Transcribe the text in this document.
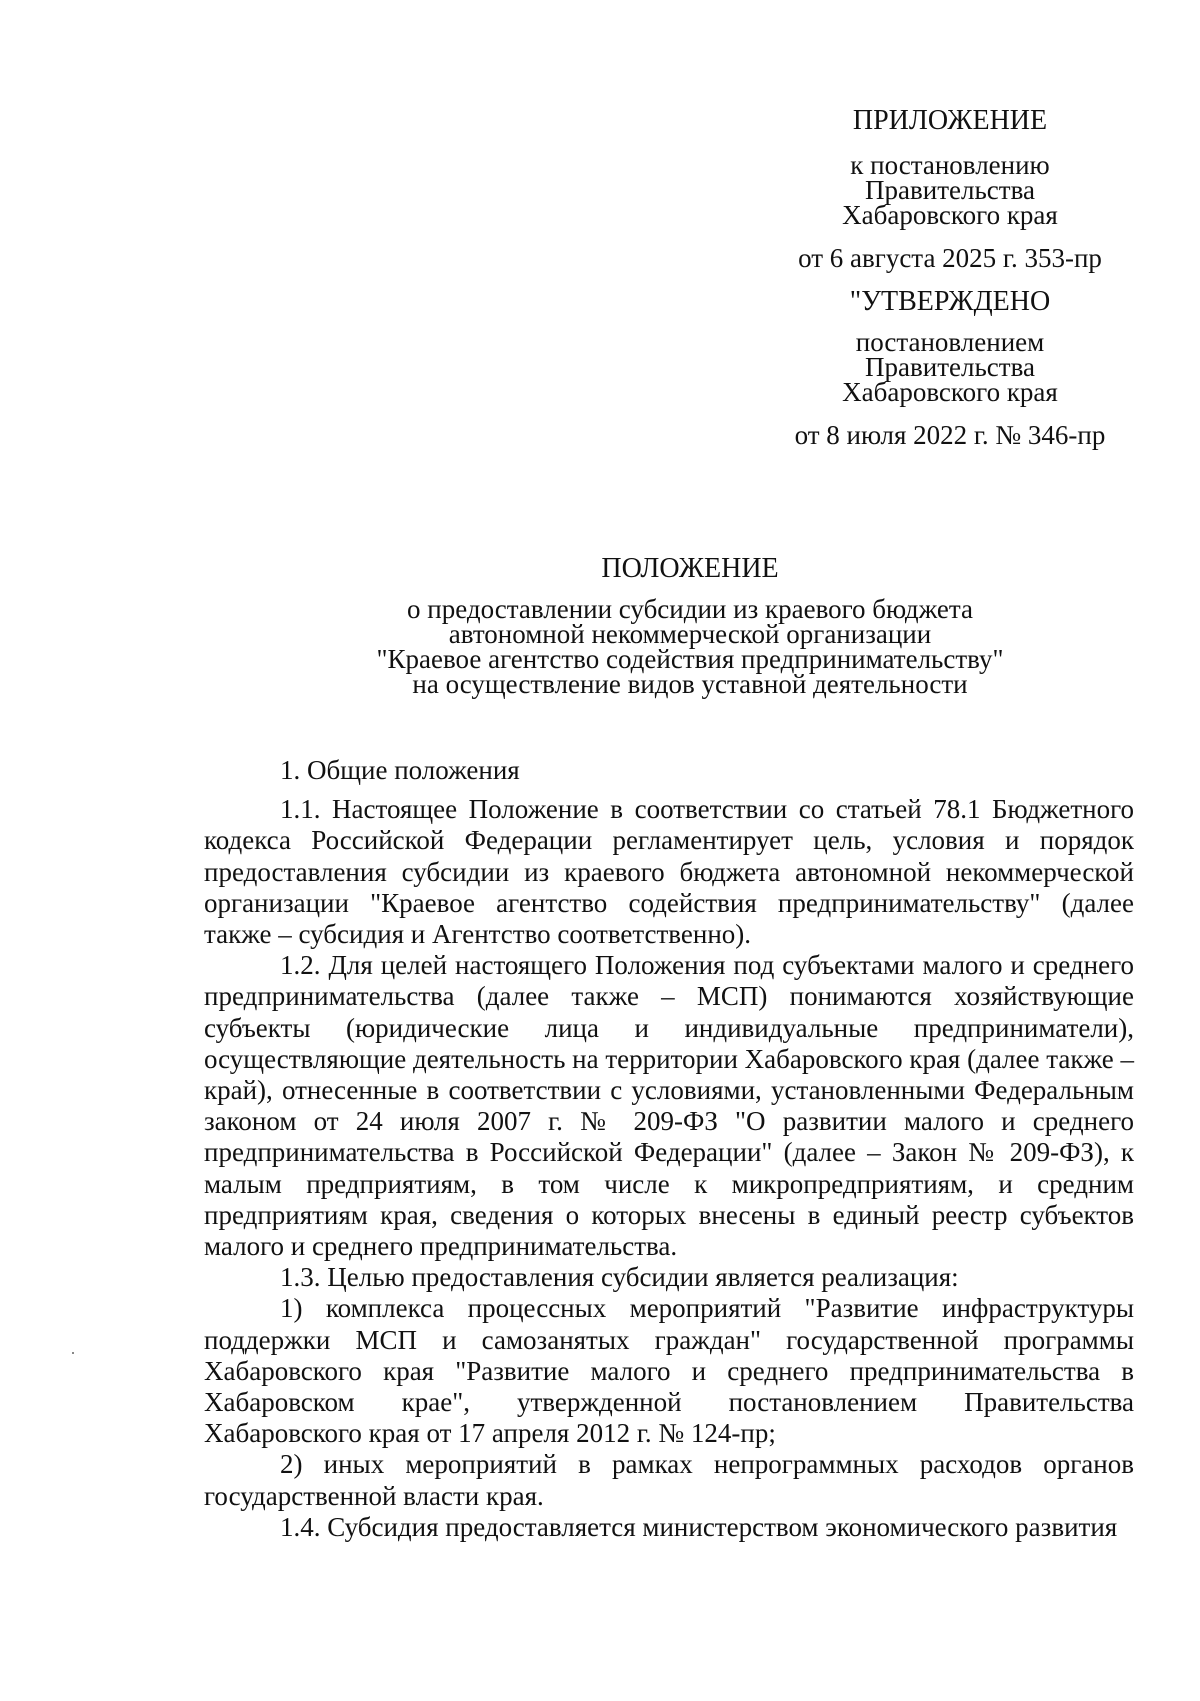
ПРИЛОЖЕНИЕ
к постановлению
Правительства
Хабаровского края
от 6 августа 2025 г. 353-пр
"УТВЕРЖДЕНО
постановлением
Правительства
Хабаровского края
от 8 июля 2022 г. № 346-пр
ПОЛОЖЕНИЕ
о предоставлении субсидии из краевого бюджета
автономной некоммерческой организации
"Краевое агентство содействия предпринимательству"
на осуществление видов уставной деятельности

1. Общие положения

1.1. Настоящее Положение в соответствии со статьей 78.1 Бюджетного кодекса Российской Федерации регламентирует цель, условия и порядок предоставления субсидии из краевого бюджета автономной некоммерческой организации "Краевое агентство содействия предпринимательству" (далее также – субсидия и Агентство соответственно).

1.2. Для целей настоящего Положения под субъектами малого и среднего предпринимательства (далее также – МСП) понимаются хозяйствующие субъекты (юридические лица и индивидуальные предприниматели), осуществляющие деятельность на территории Хабаровского края (далее также – край), отнесенные в соответствии с условиями, установленными Федеральным законом от 24 июля 2007 г. № 209-ФЗ "О развитии малого и среднего предпринимательства в Российской Федерации" (далее – Закон № 209-ФЗ), к малым предприятиям, в том числе к микропредприятиям, и средним предприятиям края, сведения о которых внесены в единый реестр субъектов малого и среднего предпринимательства.

1.3. Целью предоставления субсидии является реализация:

1) комплекса процессных мероприятий "Развитие инфраструктуры поддержки МСП и самозанятых граждан" государственной программы Хабаровского края "Развитие малого и среднего предпринимательства в Хабаровском крае", утвержденной постановлением Правительства Хабаровского края от 17 апреля 2012 г. № 124-пр;

2) иных мероприятий в рамках непрограммных расходов органов государственной власти края.

1.4. Субсидия предоставляется министерством экономического развития
